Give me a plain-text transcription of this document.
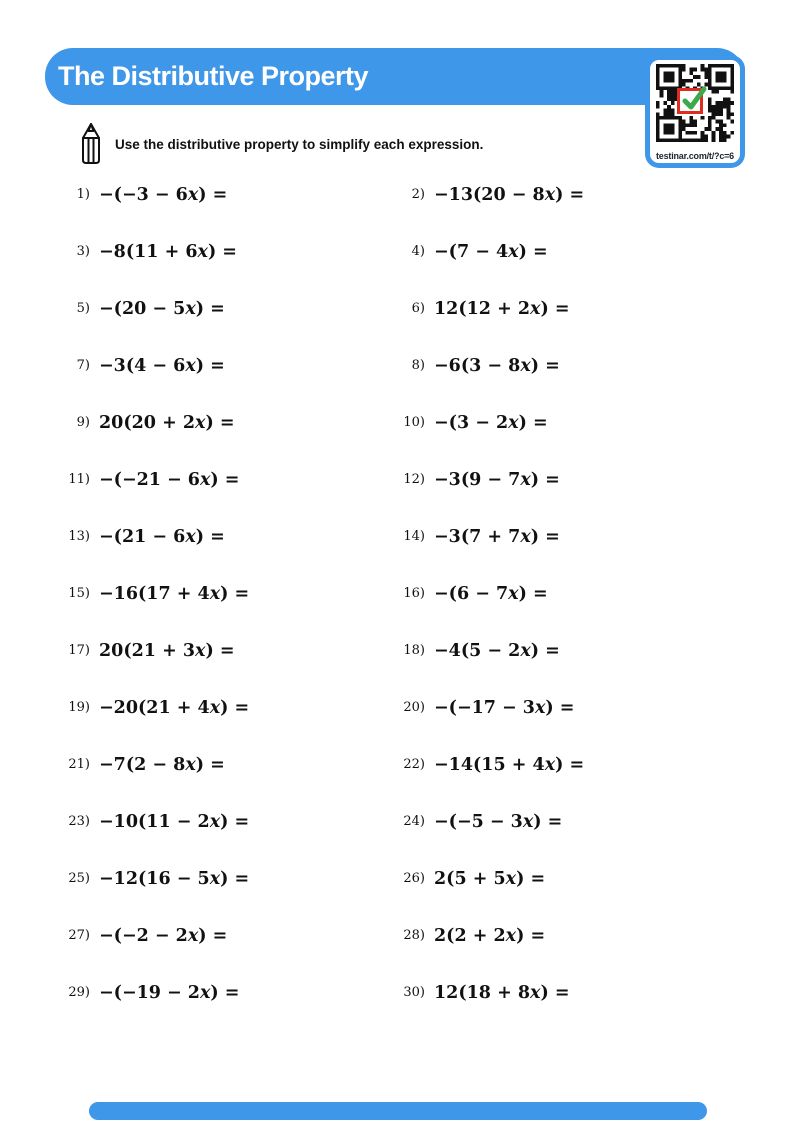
The Distributive Property
testinar.com/t/?c=6
Use the distributive property to simplify each expression.
1) −(−3 − 6x) =	2) −13(20 − 8x) =
3) −8(11 + 6x) =	4) −(7 − 4x) =
5) −(20 − 5x) =	6) 12(12 + 2x) =
7) −3(4 − 6x) =	8) −6(3 − 8x) =
9) 20(20 + 2x) =	10) −(3 − 2x) =
11) −(−21 − 6x) =	12) −3(9 − 7x) =
13) −(21 − 6x) =	14) −3(7 + 7x) =
15) −16(17 + 4x) =	16) −(6 − 7x) =
17) 20(21 + 3x) =	18) −4(5 − 2x) =
19) −20(21 + 4x) =	20) −(−17 − 3x) =
21) −7(2 − 8x) =	22) −14(15 + 4x) =
23) −10(11 − 2x) =	24) −(−5 − 3x) =
25) −12(16 − 5x) =	26) 2(5 + 5x) =
27) −(−2 − 2x) =	28) 2(2 + 2x) =
29) −(−19 − 2x) =	30) 12(18 + 8x) =
